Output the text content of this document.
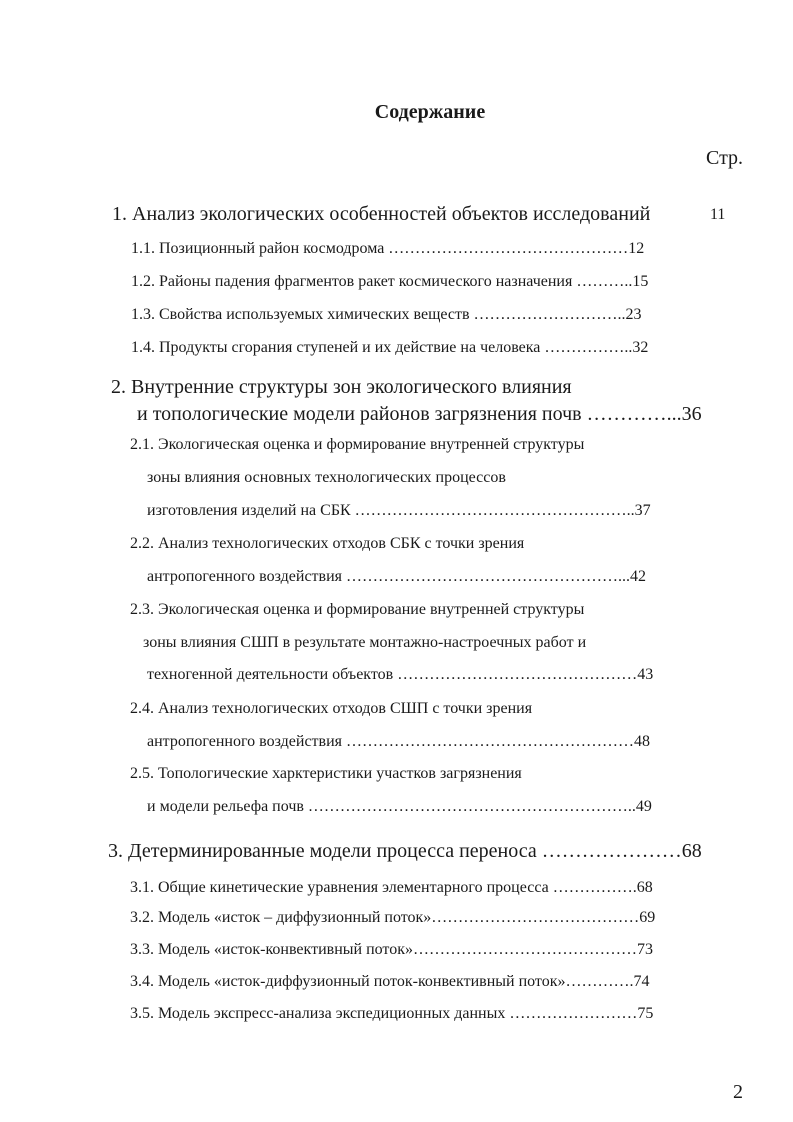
Содержание
Стр.
1. Анализ экологических особенностей объектов исследований	11
1.1. Позиционный район космодрома ………………………………………12
1.2. Районы падения фрагментов ракет космического назначения ………..15
1.3. Свойства используемых химических веществ ………………………..23
1.4. Продукты сгорания ступеней и их действие на человека ……………..32
2. Внутренние структуры зон экологического влияния
и топологические модели районов загрязнения почв …………...36
2.1. Экологическая оценка и формирование внутренней структуры
зоны влияния основных технологических процессов
изготовления изделий на СБК ……………………………………………..37
2.2. Анализ технологических отходов СБК с точки зрения
антропогенного воздействия ……………………………………………...42
2.3. Экологическая оценка и формирование внутренней структуры
зоны влияния СШП в результате монтажно-настроечных работ и
техногенной деятельности объектов ………………………………………43
2.4. Анализ технологических отходов СШП с точки зрения
антропогенного воздействия ………………………………………………48
2.5. Топологические харктеристики участков загрязнения
и модели рельефа почв ……………………………………………………..49
3. Детерминированные модели процесса переноса …………………68
3.1. Общие кинетические уравнения элементарного процесса …………….68
3.2. Модель «исток – диффузионный поток»…………………………………69
3.3. Модель «исток-конвективный поток»……………………………………73
3.4. Модель «исток-диффузионный поток-конвективный поток»………….74
3.5. Модель экспресс-анализа экспедиционных данных ……………………75
2
